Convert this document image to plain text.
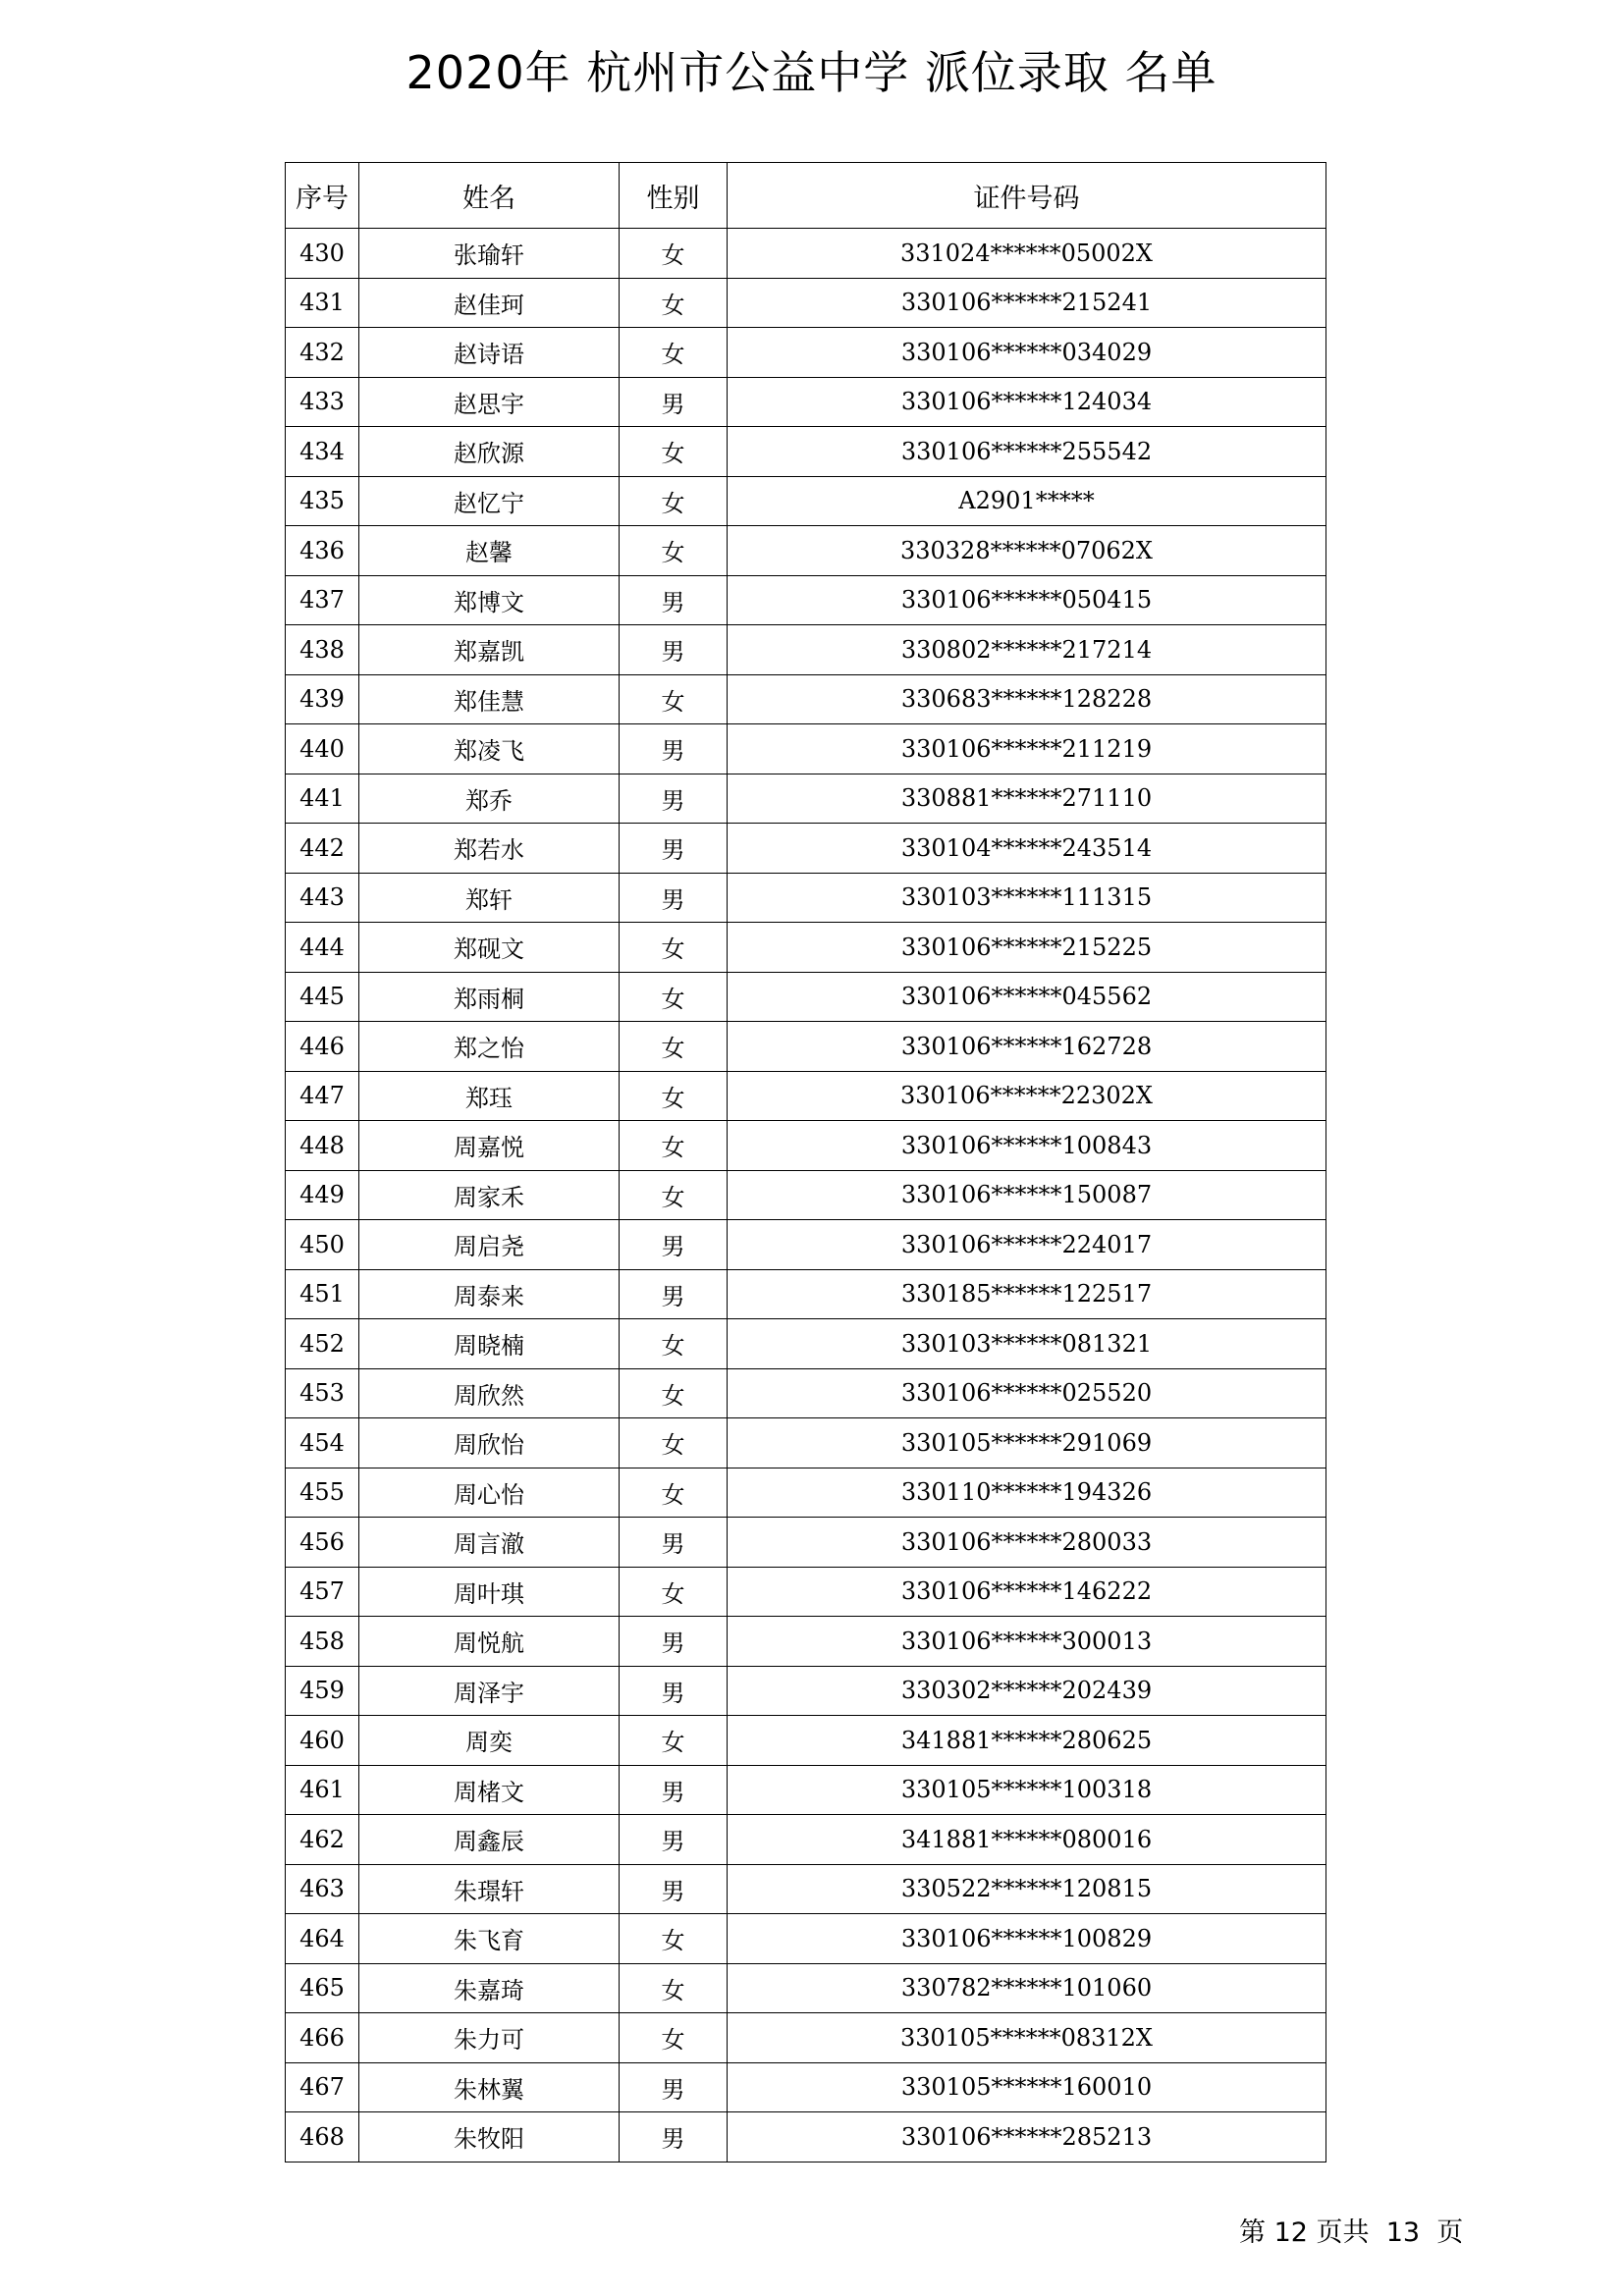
2020年 杭州市公益中学 派位录取 名单
序号	姓名	性别	证件号码
430	张瑜轩	女	331024******05002X
431	赵佳珂	女	330106******215241
432	赵诗语	女	330106******034029
433	赵思宇	男	330106******124034
434	赵欣源	女	330106******255542
435	赵忆宁	女	A2901*****
436	赵馨	女	330328******07062X
437	郑博文	男	330106******050415
438	郑嘉凯	男	330802******217214
439	郑佳慧	女	330683******128228
440	郑凌飞	男	330106******211219
441	郑乔	男	330881******271110
442	郑若水	男	330104******243514
443	郑轩	男	330103******111315
444	郑砚文	女	330106******215225
445	郑雨桐	女	330106******045562
446	郑之怡	女	330106******162728
447	郑珏	女	330106******22302X
448	周嘉悦	女	330106******100843
449	周家禾	女	330106******150087
450	周启尧	男	330106******224017
451	周泰来	男	330185******122517
452	周晓楠	女	330103******081321
453	周欣然	女	330106******025520
454	周欣怡	女	330105******291069
455	周心怡	女	330110******194326
456	周言澈	男	330106******280033
457	周叶琪	女	330106******146222
458	周悦航	男	330106******300013
459	周泽宇	男	330302******202439
460	周奕	女	341881******280625
461	周楮文	男	330105******100318
462	周鑫辰	男	341881******080016
463	朱璟轩	男	330522******120815
464	朱飞育	女	330106******100829
465	朱嘉琦	女	330782******101060
466	朱力可	女	330105******08312X
467	朱林翼	男	330105******160010
468	朱牧阳	男	330106******285213
第 12 页共 13 页
